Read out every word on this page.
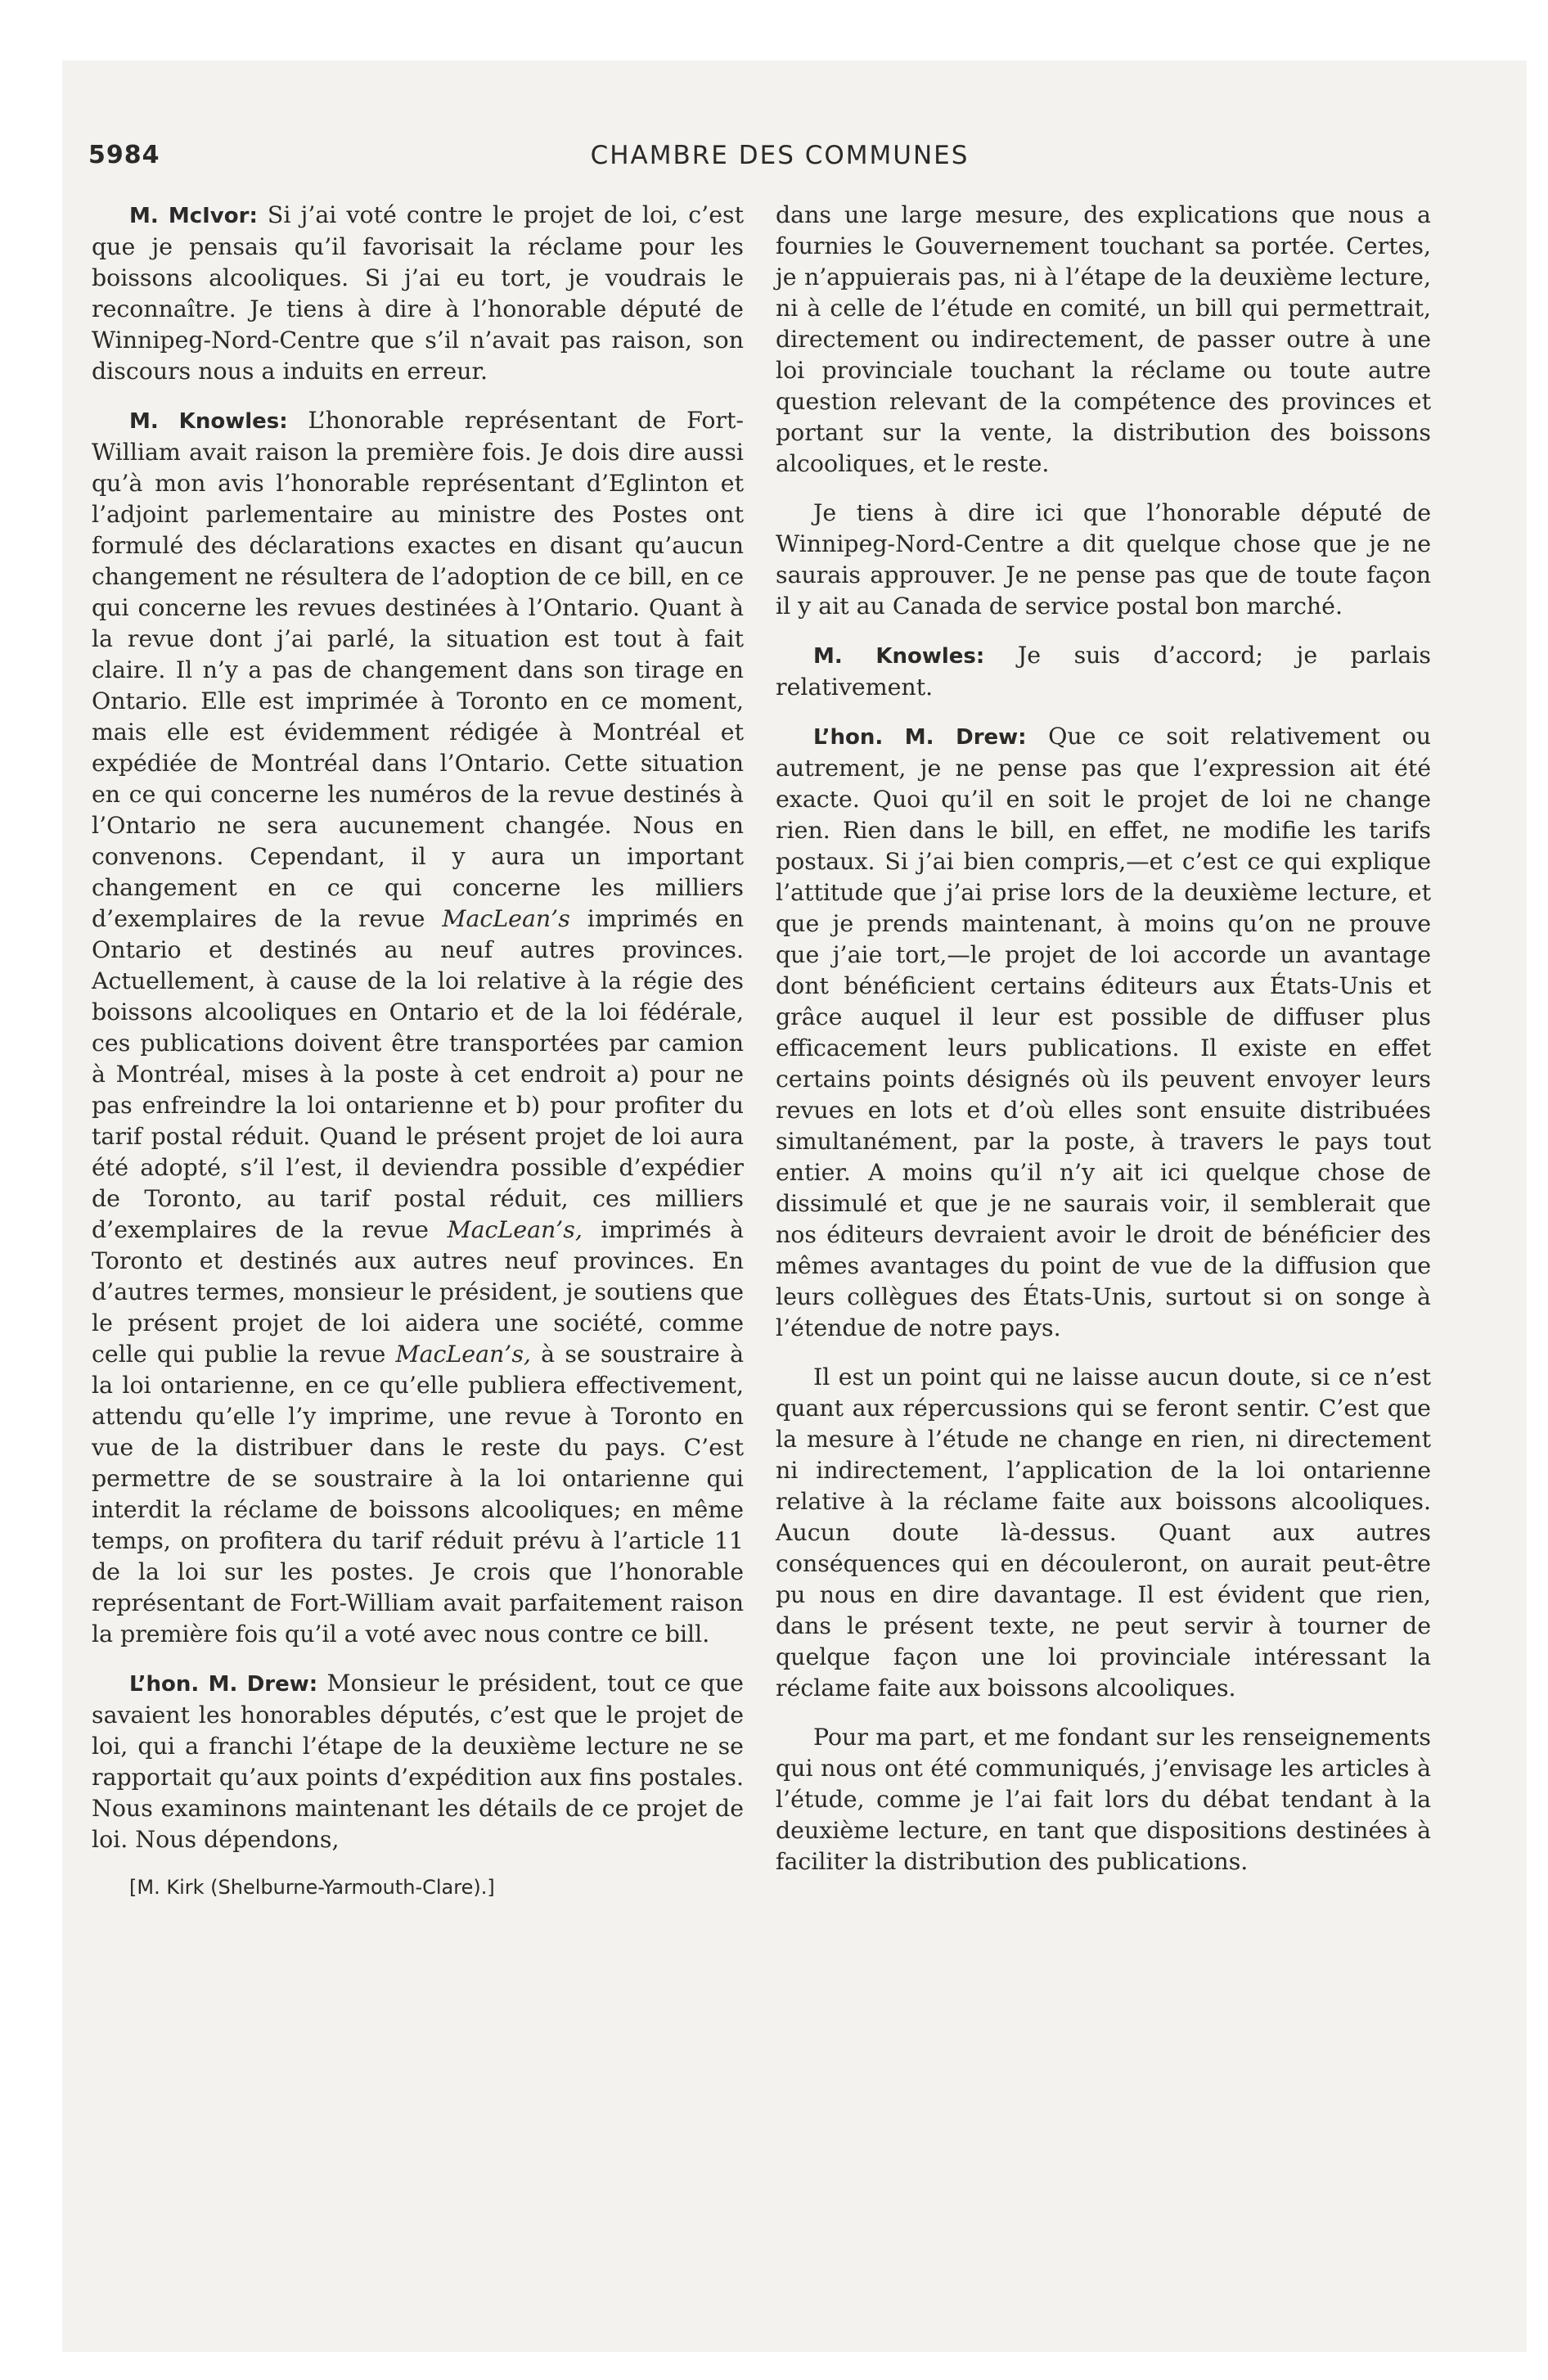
5984	CHAMBRE DES COMMUNES

M. McIvor: Si j’ai voté contre le projet de loi, c’est que je pensais qu’il favorisait la réclame pour les boissons alcooliques. Si j’ai eu tort, je voudrais le reconnaître. Je tiens à dire à l’honorable député de Winnipeg-Nord-Centre que s’il n’avait pas raison, son discours nous a induits en erreur.

M. Knowles: L’honorable représentant de Fort-William avait raison la première fois. Je dois dire aussi qu’à mon avis l’honorable représentant d’Eglinton et l’adjoint parlementaire au ministre des Postes ont formulé des déclarations exactes en disant qu’aucun changement ne résultera de l’adoption de ce bill, en ce qui concerne les revues destinées à l’Ontario. Quant à la revue dont j’ai parlé, la situation est tout à fait claire. Il n’y a pas de changement dans son tirage en Ontario. Elle est imprimée à Toronto en ce moment, mais elle est évidemment rédigée à Montréal et expédiée de Montréal dans l’Ontario. Cette situation en ce qui concerne les numéros de la revue destinés à l’Ontario ne sera aucunement changée. Nous en convenons. Cependant, il y aura un important changement en ce qui concerne les milliers d’exemplaires de la revue MacLean’s imprimés en Ontario et destinés au neuf autres provinces. Actuellement, à cause de la loi relative à la régie des boissons alcooliques en Ontario et de la loi fédérale, ces publications doivent être transportées par camion à Montréal, mises à la poste à cet endroit a) pour ne pas enfreindre la loi ontarienne et b) pour profiter du tarif postal réduit. Quand le présent projet de loi aura été adopté, s’il l’est, il deviendra possible d’expédier de Toronto, au tarif postal réduit, ces milliers d’exemplaires de la revue MacLean’s, imprimés à Toronto et destinés aux autres neuf provinces. En d’autres termes, monsieur le président, je soutiens que le présent projet de loi aidera une société, comme celle qui publie la revue MacLean’s, à se soustraire à la loi ontarienne, en ce qu’elle publiera effectivement, attendu qu’elle l’y imprime, une revue à Toronto en vue de la distribuer dans le reste du pays. C’est permettre de se soustraire à la loi ontarienne qui interdit la réclame de boissons alcooliques; en même temps, on profitera du tarif réduit prévu à l’article 11 de la loi sur les postes. Je crois que l’honorable représentant de Fort-William avait parfaitement raison la première fois qu’il a voté avec nous contre ce bill.

L’hon. M. Drew: Monsieur le président, tout ce que savaient les honorables députés, c’est que le projet de loi, qui a franchi l’étape de la deuxième lecture ne se rapportait qu’aux points d’expédition aux fins postales. Nous examinons maintenant les détails de ce projet de loi. Nous dépendons,

[M. Kirk (Shelburne-Yarmouth-Clare).]

dans une large mesure, des explications que nous a fournies le Gouvernement touchant sa portée. Certes, je n’appuierais pas, ni à l’étape de la deuxième lecture, ni à celle de l’étude en comité, un bill qui permettrait, directement ou indirectement, de passer outre à une loi provinciale touchant la réclame ou toute autre question relevant de la compétence des provinces et portant sur la vente, la distribution des boissons alcooliques, et le reste.

Je tiens à dire ici que l’honorable député de Winnipeg-Nord-Centre a dit quelque chose que je ne saurais approuver. Je ne pense pas que de toute façon il y ait au Canada de service postal bon marché.

M. Knowles: Je suis d’accord; je parlais relativement.

L’hon. M. Drew: Que ce soit relativement ou autrement, je ne pense pas que l’expression ait été exacte. Quoi qu’il en soit le projet de loi ne change rien. Rien dans le bill, en effet, ne modifie les tarifs postaux. Si j’ai bien compris,—et c’est ce qui explique l’attitude que j’ai prise lors de la deuxième lecture, et que je prends maintenant, à moins qu’on ne prouve que j’aie tort,—le projet de loi accorde un avantage dont bénéficient certains éditeurs aux États-Unis et grâce auquel il leur est possible de diffuser plus efficacement leurs publications. Il existe en effet certains points désignés où ils peuvent envoyer leurs revues en lots et d’où elles sont ensuite distribuées simultanément, par la poste, à travers le pays tout entier. A moins qu’il n’y ait ici quelque chose de dissimulé et que je ne saurais voir, il semblerait que nos éditeurs devraient avoir le droit de bénéficier des mêmes avantages du point de vue de la diffusion que leurs collègues des États-Unis, surtout si on songe à l’étendue de notre pays.

Il est un point qui ne laisse aucun doute, si ce n’est quant aux répercussions qui se feront sentir. C’est que la mesure à l’étude ne change en rien, ni directement ni indirectement, l’application de la loi ontarienne relative à la réclame faite aux boissons alcooliques. Aucun doute là-dessus. Quant aux autres conséquences qui en découleront, on aurait peut-être pu nous en dire davantage. Il est évident que rien, dans le présent texte, ne peut servir à tourner de quelque façon une loi provinciale intéressant la réclame faite aux boissons alcooliques.

Pour ma part, et me fondant sur les renseignements qui nous ont été communiqués, j’envisage les articles à l’étude, comme je l’ai fait lors du débat tendant à la deuxième lecture, en tant que dispositions destinées à faciliter la distribution des publications.
